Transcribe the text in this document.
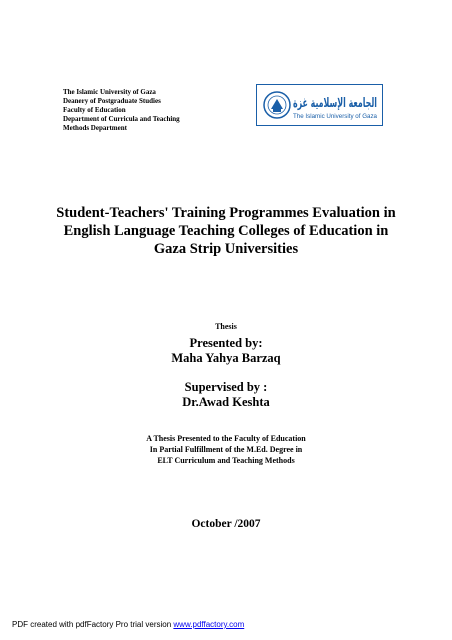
The Islamic University of Gaza
Deanery of Postgraduate Studies
Faculty of Education
Department of Curricula and Teaching
Methods Department
الجامعة الإسلامية غزة
The Islamic University of Gaza
Student-Teachers' Training Programmes Evaluation in
English Language Teaching Colleges of Education in
Gaza Strip Universities
Thesis
Presented by:
Maha Yahya Barzaq
Supervised by :
Dr.Awad Keshta
A Thesis Presented to the Faculty of Education
In Partial Fulfillment of the M.Ed. Degree in
ELT Curriculum and Teaching Methods
October /2007
PDF created with pdfFactory Pro trial version www.pdffactory.com
